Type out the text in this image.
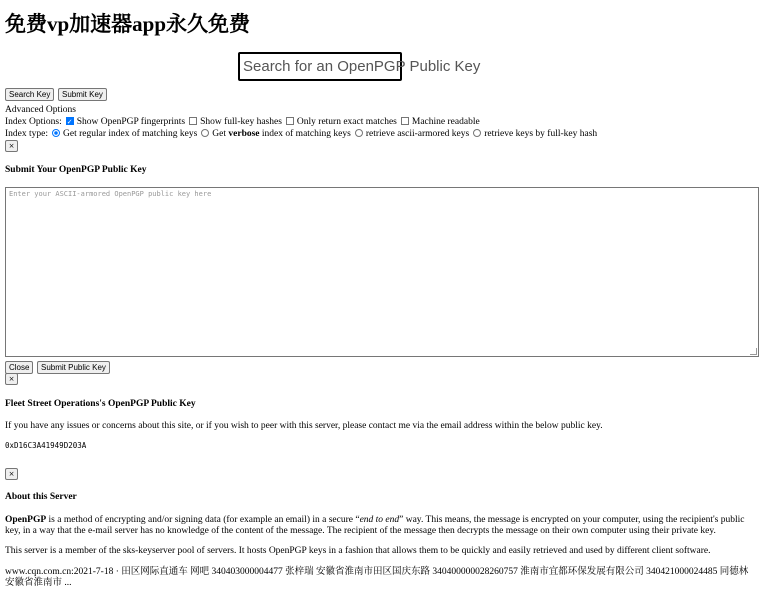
免费vp加速器app永久免费
Search for an OpenPGP Public Key
Search Key	Submit Key
Advanced Options
Index Options:✓ Show OpenPGP fingerprints Show full-key hashes Only return exact matches Machine readable
Index type: Get regular index of matching keys Get verbose index of matching keys retrieve ascii-armored keys retrieve keys by full-key hash
×
Submit Your OpenPGP Public Key
Enter your ASCII-armored OpenPGP public key here
Close	Submit Public Key
×
Fleet Street Operations's OpenPGP Public Key
If you have any issues or concerns about this site, or if you wish to peer with this server, please contact me via the email address within the below public key.
0xD16C3A41949D203A
×
About this Server
OpenPGP is a method of encrypting and/or signing data (for example an email) in a secure “end to end” way. This means, the message is encrypted on your computer, using the recipient's public key, in a way that the e-mail server has no knowledge of the content of the message. The recipient of the message then decrypts the message on their own computer using their private key.
This server is a member of the sks-keyserver pool of servers. It hosts OpenPGP keys in a fashion that allows them to be quickly and easily retrieved and used by different client software.
www.cqn.com.cn:2021-7-18 · 田区网际直通车 网吧 340403000004477 张梓瑞 安徽省淮南市田区国庆东路 340400000028260757 淮南市宜都环保发展有限公司 340421000024485 同德林安徽省淮南市 ...
